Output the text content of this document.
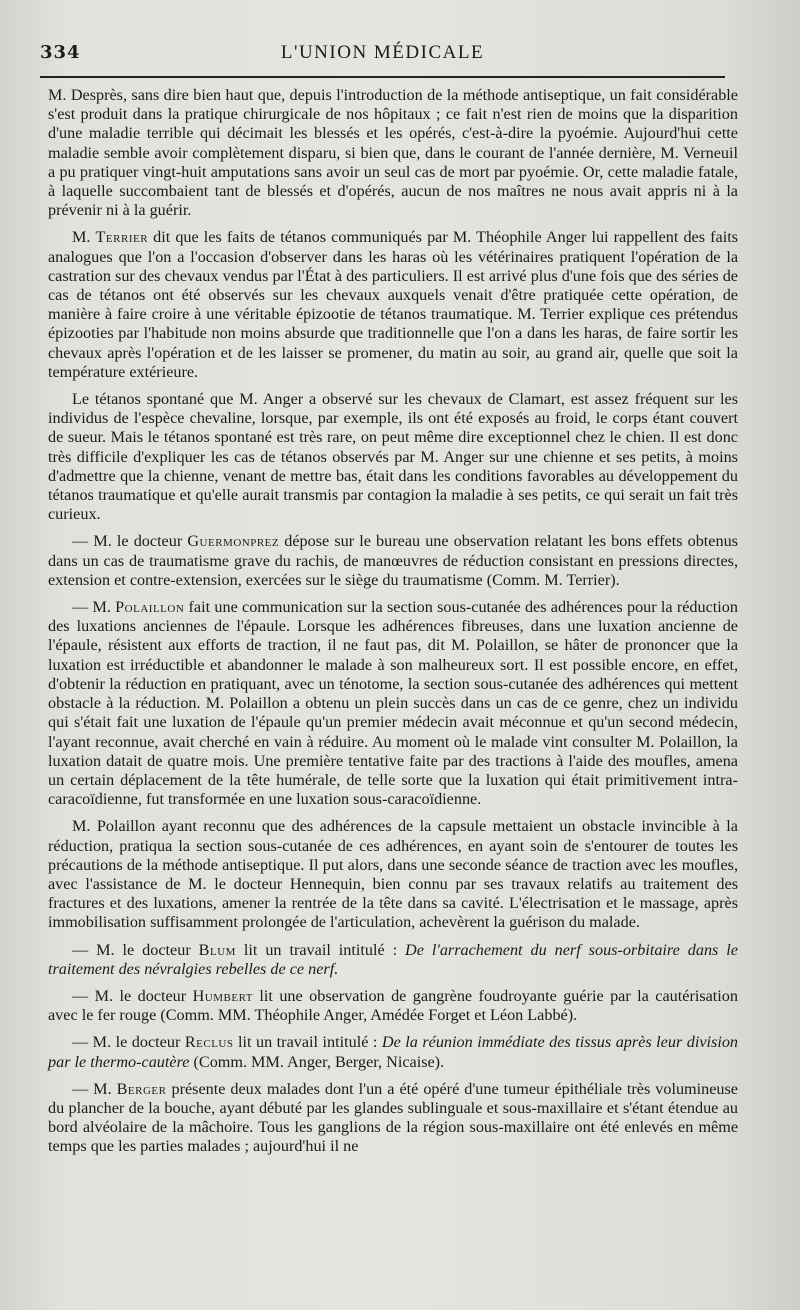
334	L'UNION MÉDICALE

M. Desprès, sans dire bien haut que, depuis l'introduction de la méthode antiseptique, un fait considérable s'est produit dans la pratique chirurgicale de nos hôpitaux ; ce fait n'est rien de moins que la disparition d'une maladie terrible qui décimait les blessés et les opérés, c'est-à-dire la pyoémie. Aujourd'hui cette maladie semble avoir complètement disparu, si bien que, dans le courant de l'année dernière, M. Verneuil a pu pratiquer vingt-huit amputations sans avoir un seul cas de mort par pyoémie. Or, cette maladie fatale, à laquelle succombaient tant de blessés et d'opérés, aucun de nos maîtres ne nous avait appris ni à la prévenir ni à la guérir.

M. Terrier dit que les faits de tétanos communiqués par M. Théophile Anger lui rappellent des faits analogues que l'on a l'occasion d'observer dans les haras où les vétérinaires pratiquent l'opération de la castration sur des chevaux vendus par l'État à des particuliers. Il est arrivé plus d'une fois que des séries de cas de tétanos ont été observés sur les chevaux auxquels venait d'être pratiquée cette opération, de manière à faire croire à une véritable épizootie de tétanos traumatique. M. Terrier explique ces prétendus épizooties par l'habitude non moins absurde que traditionnelle que l'on a dans les haras, de faire sortir les chevaux après l'opération et de les laisser se promener, du matin au soir, au grand air, quelle que soit la température extérieure.

Le tétanos spontané que M. Anger a observé sur les chevaux de Clamart, est assez fréquent sur les individus de l'espèce chevaline, lorsque, par exemple, ils ont été exposés au froid, le corps étant couvert de sueur. Mais le tétanos spontané est très rare, on peut même dire exceptionnel chez le chien. Il est donc très difficile d'expliquer les cas de tétanos observés par M. Anger sur une chienne et ses petits, à moins d'admettre que la chienne, venant de mettre bas, était dans les conditions favorables au développement du tétanos traumatique et qu'elle aurait transmis par contagion la maladie à ses petits, ce qui serait un fait très curieux.

— M. le docteur Guermonprez dépose sur le bureau une observation relatant les bons effets obtenus dans un cas de traumatisme grave du rachis, de manœuvres de réduction consistant en pressions directes, extension et contre-extension, exercées sur le siège du traumatisme (Comm. M. Terrier).

— M. Polaillon fait une communication sur la section sous-cutanée des adhérences pour la réduction des luxations anciennes de l'épaule. Lorsque les adhérences fibreuses, dans une luxation ancienne de l'épaule, résistent aux efforts de traction, il ne faut pas, dit M. Polaillon, se hâter de prononcer que la luxation est irréductible et abandonner le malade à son malheureux sort. Il est possible encore, en effet, d'obtenir la réduction en pratiquant, avec un ténotome, la section sous-cutanée des adhérences qui mettent obstacle à la réduction. M. Polaillon a obtenu un plein succès dans un cas de ce genre, chez un individu qui s'était fait une luxation de l'épaule qu'un premier médecin avait méconnue et qu'un second médecin, l'ayant reconnue, avait cherché en vain à réduire. Au moment où le malade vint consulter M. Polaillon, la luxation datait de quatre mois. Une première tentative faite par des tractions à l'aide des moufles, amena un certain déplacement de la tête humérale, de telle sorte que la luxation qui était primitivement intra-caracoïdienne, fut transformée en une luxation sous-caracoïdienne.

M. Polaillon ayant reconnu que des adhérences de la capsule mettaient un obstacle invincible à la réduction, pratiqua la section sous-cutanée de ces adhérences, en ayant soin de s'entourer de toutes les précautions de la méthode antiseptique. Il put alors, dans une seconde séance de traction avec les moufles, avec l'assistance de M. le docteur Hennequin, bien connu par ses travaux relatifs au traitement des fractures et des luxations, amener la rentrée de la tête dans sa cavité. L'électrisation et le massage, après immobilisation suffisamment prolongée de l'articulation, achevèrent la guérison du malade.

— M. le docteur Blum lit un travail intitulé : De l'arrachement du nerf sous-orbitaire dans le traitement des névralgies rebelles de ce nerf.

— M. le docteur Humbert lit une observation de gangrène foudroyante guérie par la cautérisation avec le fer rouge (Comm. MM. Théophile Anger, Amédée Forget et Léon Labbé).

— M. le docteur Reclus lit un travail intitulé : De la réunion immédiate des tissus après leur division par le thermo-cautère (Comm. MM. Anger, Berger, Nicaise).

— M. Berger présente deux malades dont l'un a été opéré d'une tumeur épithéliale très volumineuse du plancher de la bouche, ayant débuté par les glandes sublinguale et sous-maxillaire et s'étant étendue au bord alvéolaire de la mâchoire. Tous les ganglions de la région sous-maxillaire ont été enlevés en même temps que les parties malades ; aujourd'hui il ne
